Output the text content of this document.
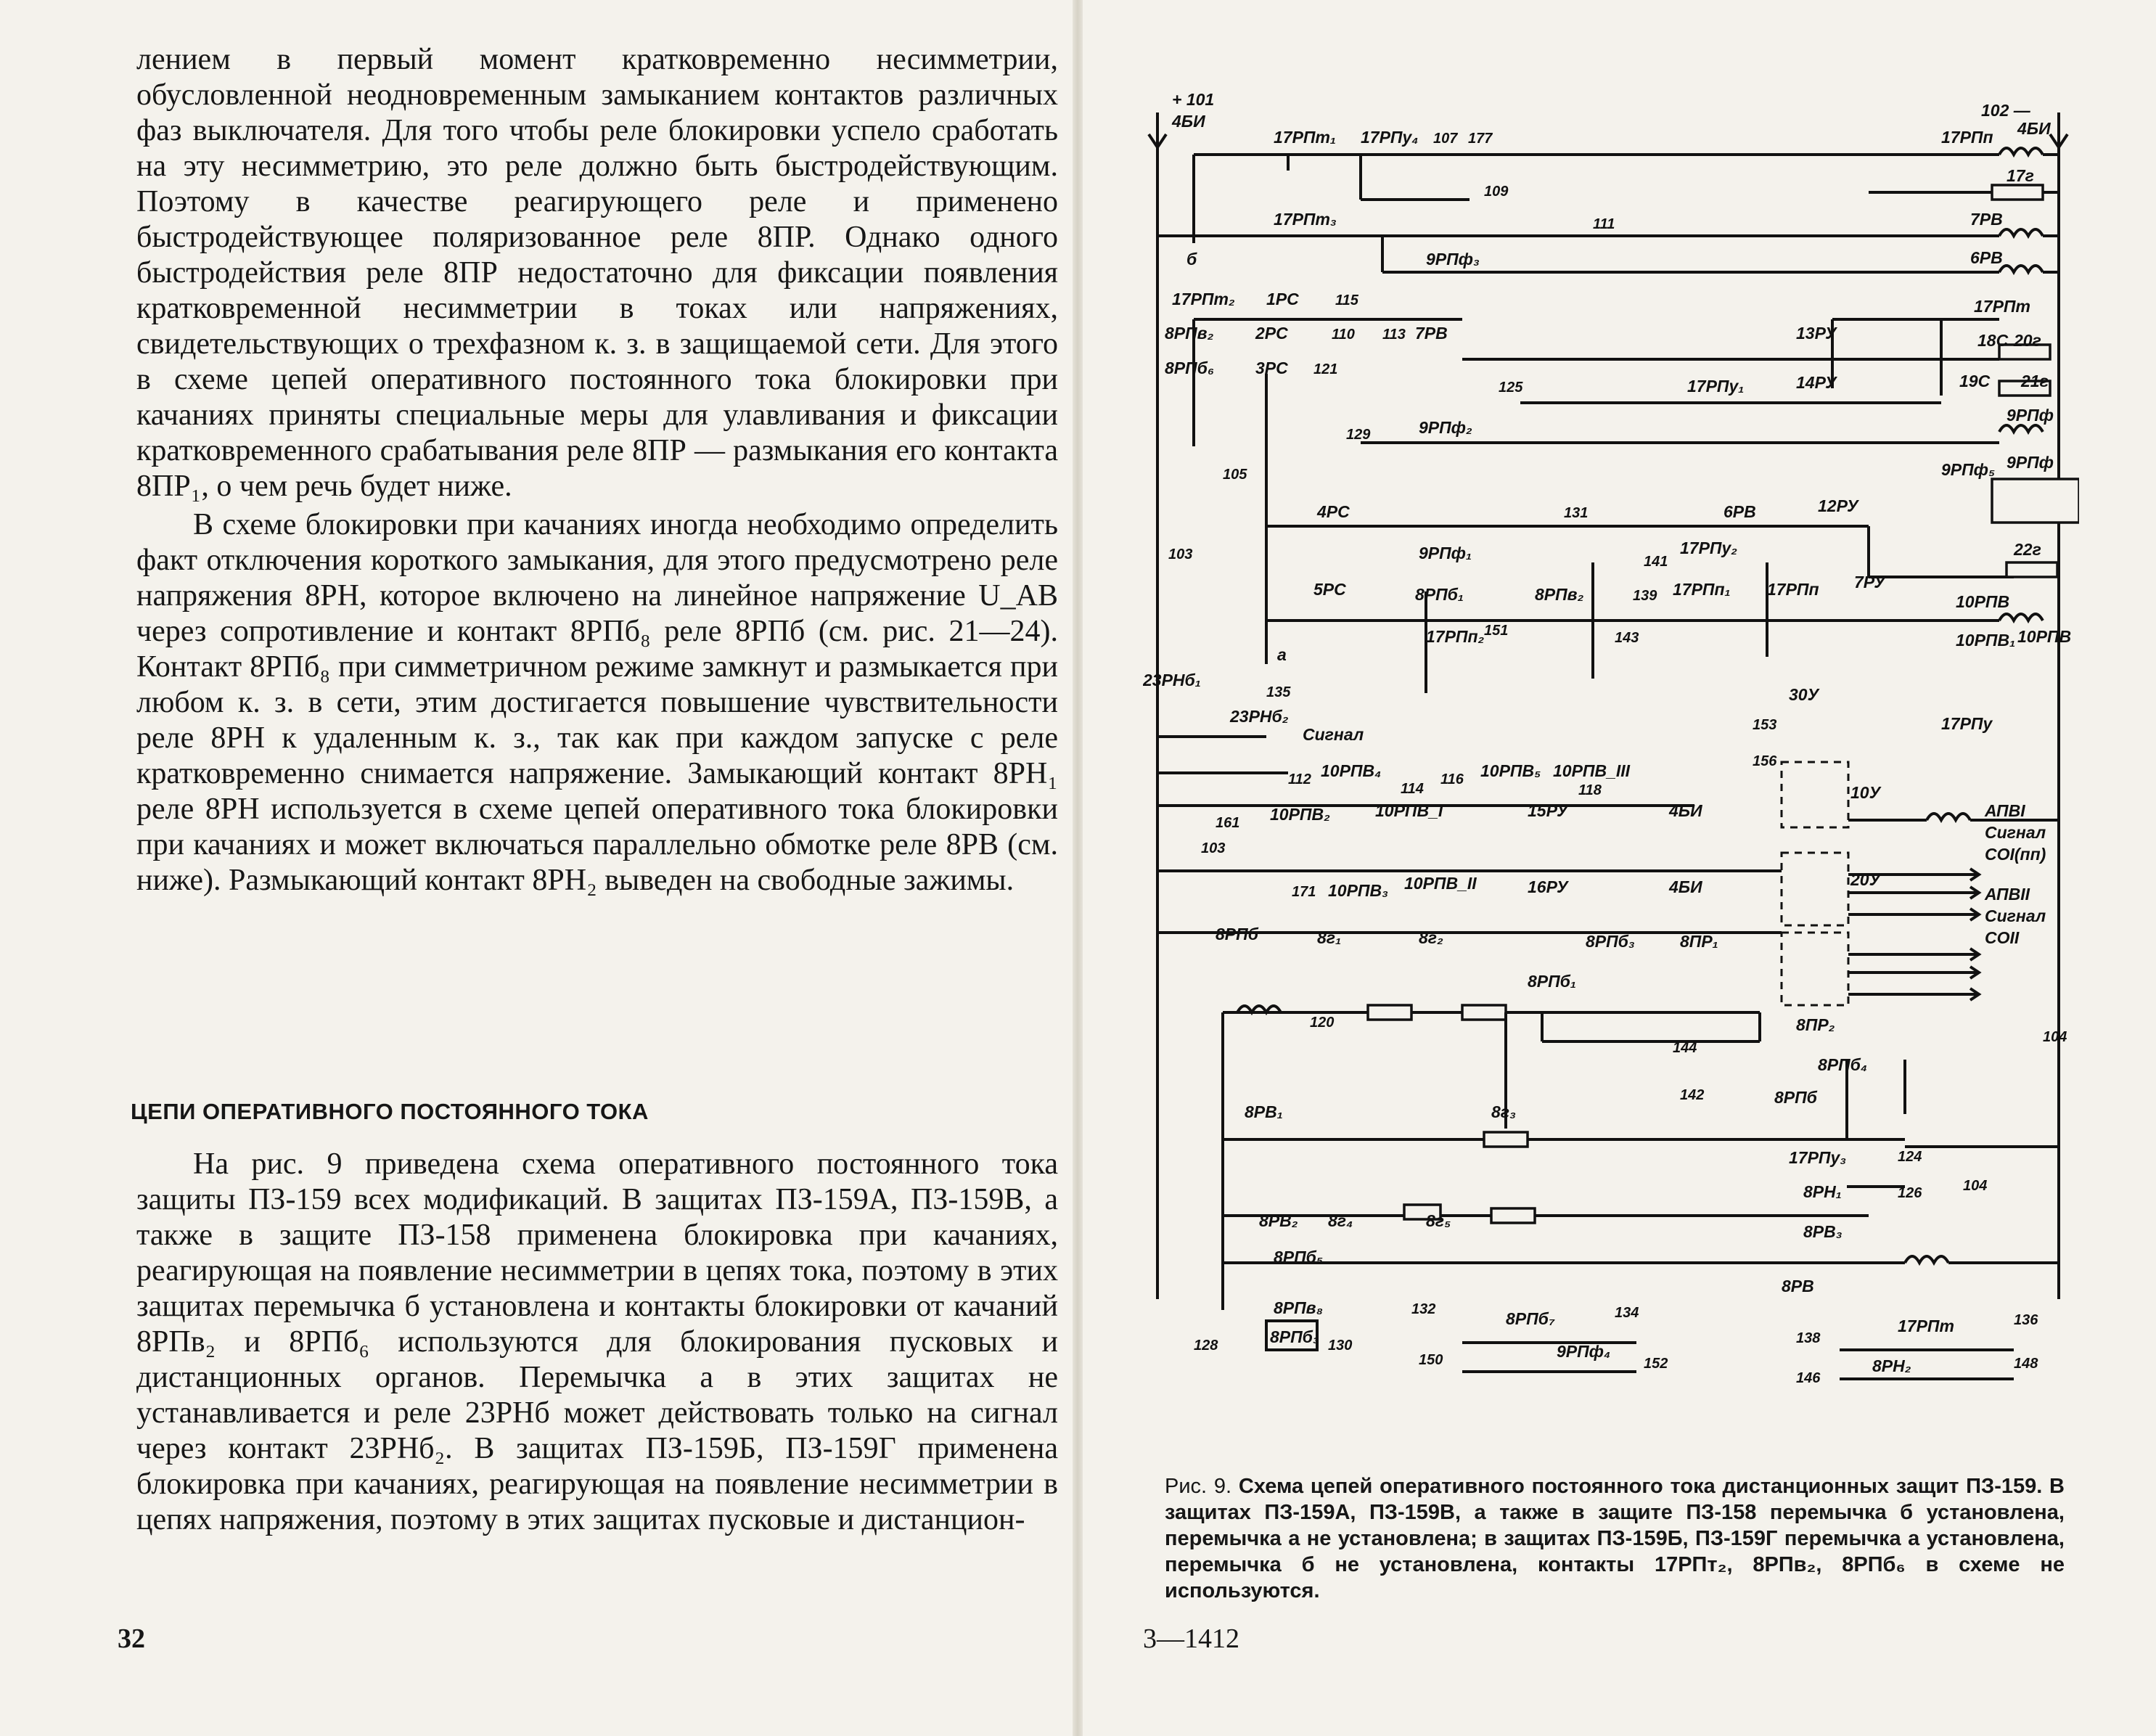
лением в первый момент кратковременно несимметрии, обусловленной неодновременным замыканием контактов различных фаз выключателя. Для того чтобы реле блокировки успело сработать на эту несимметрию, это реле должно быть быстродействующим. Поэтому в качестве реагирующего реле и применено быстродействующее поляризованное реле 8ПР. Однако одного быстродействия реле 8ПР недостаточно для фиксации появления кратковременной несимметрии в токах или напряжениях, свидетельствующих о трехфазном к. з. в защищаемой сети. Для этого в схеме цепей оперативного постоянного тока блокировки при качаниях приняты специальные меры для улавливания и фиксации кратковременного срабатывания реле 8ПР — размыкания его контакта 8ПР₁, о чем речь будет ниже.

В схеме блокировки при качаниях иногда необходимо определить факт отключения короткого замыкания, для этого предусмотрено реле напряжения 8РН, которое включено на линейное напряжение U_AB через сопротивление и контакт 8РПб₈ реле 8РПб (см. рис. 21—24). Контакт 8РПб₈ при симметричном режиме замкнут и размыкается при любом к. з. в сети, этим достигается повышение чувствительности реле 8РН к удаленным к. з., так как при каждом запуске с реле кратковременно снимается напряжение. Замыкающий контакт 8РН₁ реле 8РН используется в схеме цепей оперативного тока блокировки при качаниях и может включаться параллельно обмотке реле 8РВ (см. ниже). Размыкающий контакт 8РН₂ выведен на свободные зажимы.

ЦЕПИ ОПЕРАТИВНОГО ПОСТОЯННОГО ТОКА

На рис. 9 приведена схема оперативного постоянного тока защиты ПЗ-159 всех модификаций. В защитах ПЗ-159А, ПЗ-159В, а также в защите ПЗ-158 применена блокировка при качаниях, реагирующая на появление несимметрии в цепях тока, поэтому в этих защитах перемычка б установлена и контакты блокировки от качаний 8РПв₂ и 8РПб₆ используются для блокирования пусковых и дистанционных органов. Перемычка а в этих защитах не устанавливается и реле 23РНб может действовать только на сигнал через контакт 23РНб₂. В защитах ПЗ-159Б, ПЗ-159Г применена блокировка при качаниях, реагирующая на появление несимметрии в цепях напряжения, поэтому в этих защитах пусковые и дистанцион-

32
+ 101
4БИ
102 —
4БИ
17РПт₁ 17РПу₄ 107 177
109
17РПп
17г
17РПт₃	111	7РВ
9РПф₃	6РВ
б
17РПт₂ 1РС	115	17РПт
8РПв₂	2РС	110 113 7РВ	13РУ	18С 20г
8РПб₆ 3РС 121
125	17РПу₁	14РУ	19С 21г
9РПф
129	9РПф₂
105	9РПф₅ 9РПф
4РС	131	6РВ	12РУ
103	9РПф₁	141
17РПу₂	22г
5РС	8РПб₁	8РПв₂	139 17РПп₁ 17РПп 7РУ
10РПВ
17РПп₂ 151	143	10РПВ₁ 10РПВ
а
23РНб₁
135	30У
23РНб₂
Сигнал	153
156
17РПу
112 10РПВ₄
114
116 10РПВ₅ 10РПВ_III
118
161 10РПВ₂	10РПВ_I	15РУ	4БИ
10У
АПВI
Сигнал
СОI(пп)
103
20У
171 10РПВ₃ 10РПВ_II	16РУ	4БИ	АПВII
Сигнал
СОII
8РПб	8г₁	8г₂	8РПб₃	8ПР₁
8РПб₁
120
104
8ПР₂
144
8РПб₄
142	8РПб
8РВ₁	8г₃
17РПу₃	124
8РН₁	126	104
8РВ₂ 8г₄	8г₅
8РВ₃
8РПб₅
8РВ
8РПв₈
128	8РПб₃ 130
132	8РПб₇	134
150	9РПф₄
152
138
17РПт	136
146
8РН₂	148
Рис. 9. Схема цепей оперативного постоянного тока дистанционных защит ПЗ-159. В защитах ПЗ-159А, ПЗ-159В, а также в защите ПЗ-158 перемычка б установлена, перемычка а не установлена; в защитах ПЗ-159Б, ПЗ-159Г перемычка а установлена, перемычка б не установлена, контакты 17РПт₂, 8РПв₂, 8РПб₆ в схеме не используются.
3—1412
